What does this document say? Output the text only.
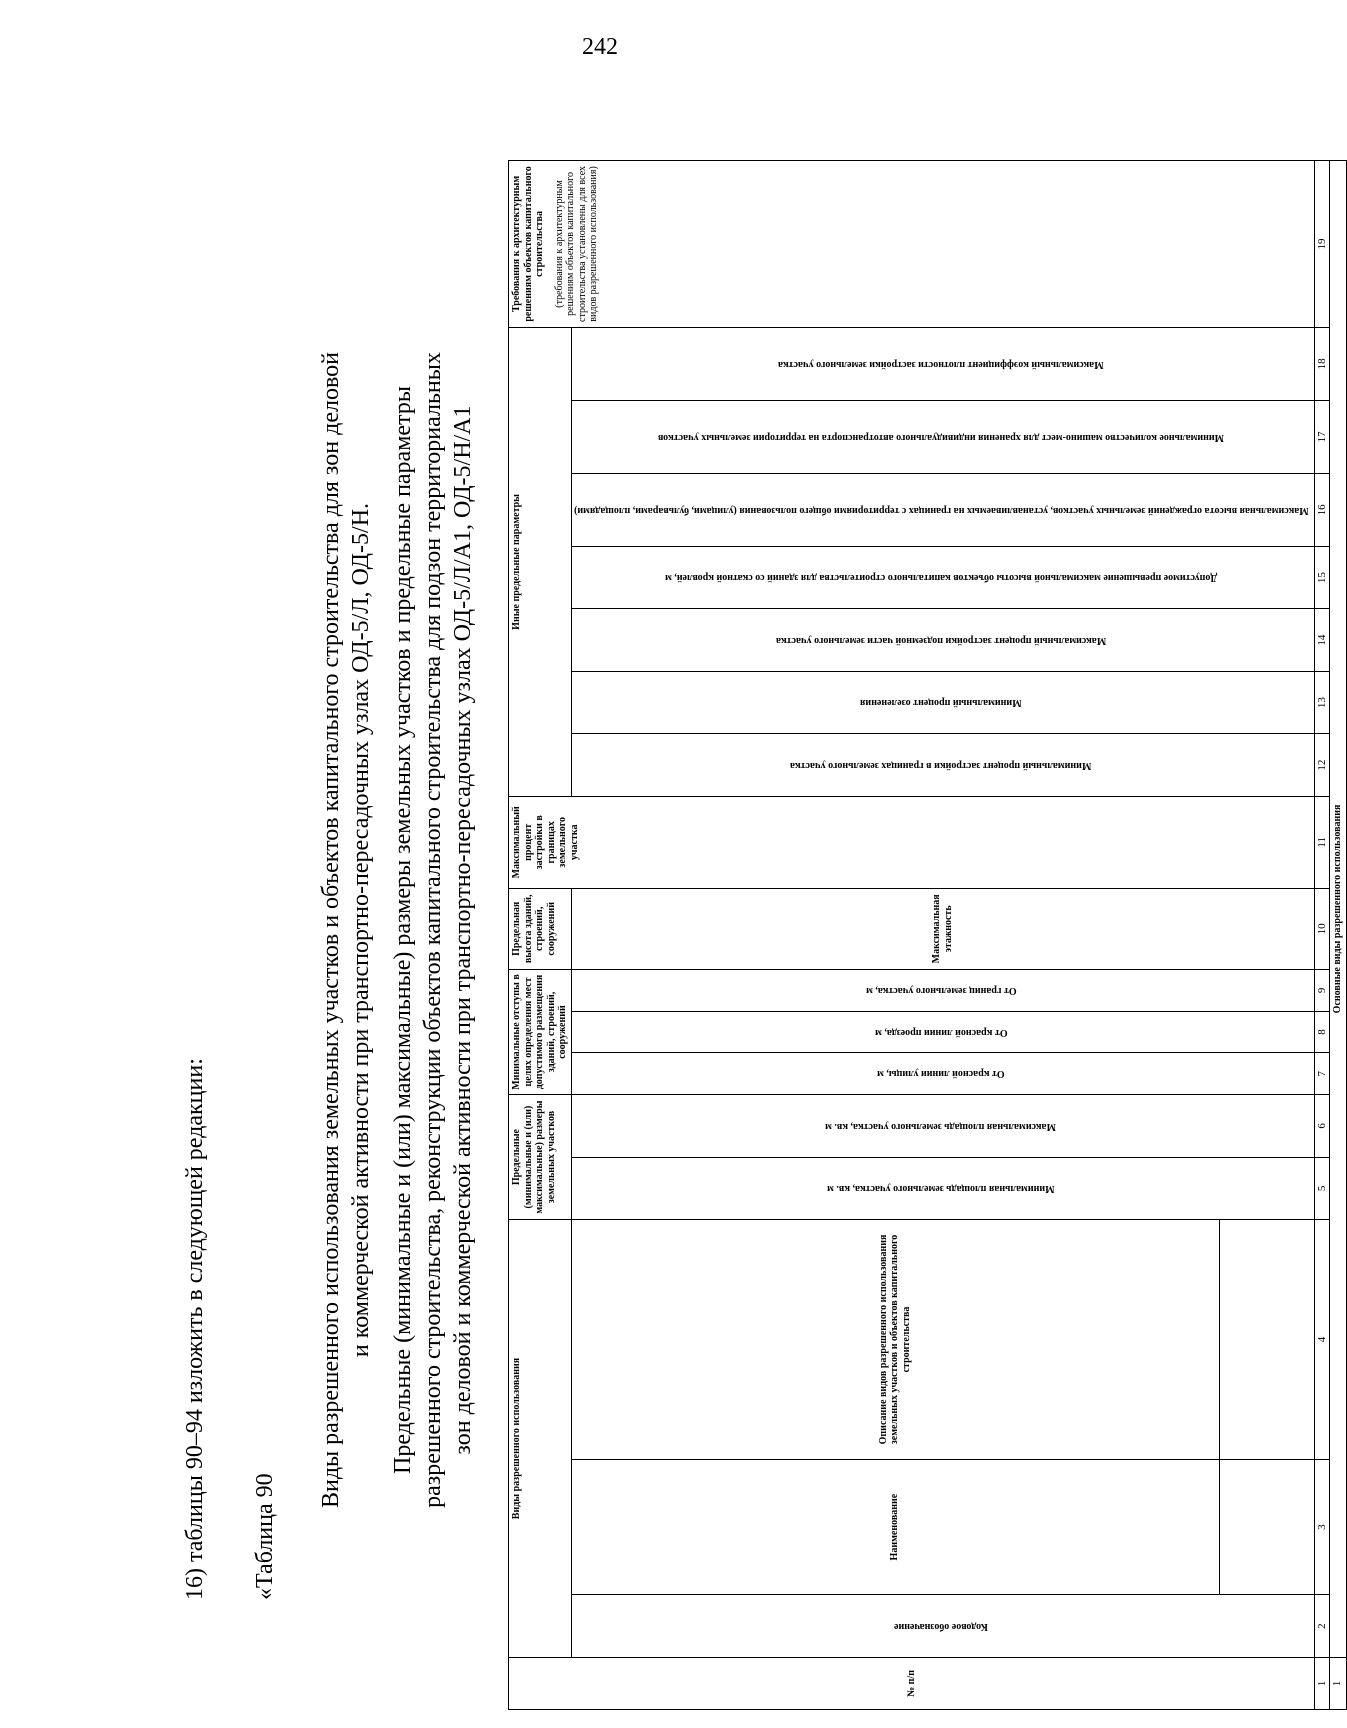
242
16) таблицы 90–94 изложить в следующей редакции: «Таблица 90
Виды разрешенного использования земельных участков и объектов капитального строительства для зон деловой и коммерческой активности при транспортно-пересадочных узлах ОД-5/Л, ОД-5/Н. Предельные (минимальные и (или) максимальные) размеры земельных участков и предельные параметры разрешенного строительства, реконструкции объектов капитального строительства для подзон территориальных зон деловой и коммерческой активности при транспортно-пересадочных узлах ОД-5/Л/А1, ОД-5/Н/А1
№ п/п	Виды разрешенного использования			Предельные (минимальные и (или) максимальные) размеры земельных участков		Минимальные отступы в целях определения мест допустимого размещения зданий, строений, сооружений			Предельная высота зданий, строений, сооружений	Максимальный процент застройки в границах земельного участка	Иные предельные параметры							Требования к архитектурным решениям объектов капитального строительства (требования к архитектурным решениям объектов капитального строительства установлены для всех видов разрешенного использования)

	Кодовое обозначение	Наименование	Описание видов разрешенного использования земельных участков и объектов капитального строительства	Минимальная площадь земельного участка, кв. м	Максимальная площадь земельного участка, кв. м	От красной линии улицы, м	От красной линии проезда, м	От границ земельного участка, м	Максимальная этажность		Минимальный процент застройки в границах земельного участка	Минимальный процент озеленения	Максимальный процент застройки подземной части земельного участка	Допустимое превышение максимальной высоты объектов капитального строительства для зданий со скатной кровлей, м	Максимальная высота ограждений земельных участков, устанавливаемых на границах с территориями общего пользования (улицами, бульварами, площадями)	Минимальное количество машино-мест для хранения индивидуального автотранспорта на территории земельных участков	Максимальный коэффициент плотности застройки земельного участка	

1	2	3	4	5	6	7	8	9	10	11	12	13	14	15	16	17	18	19
1	Основные виды разрешенного использования																	
